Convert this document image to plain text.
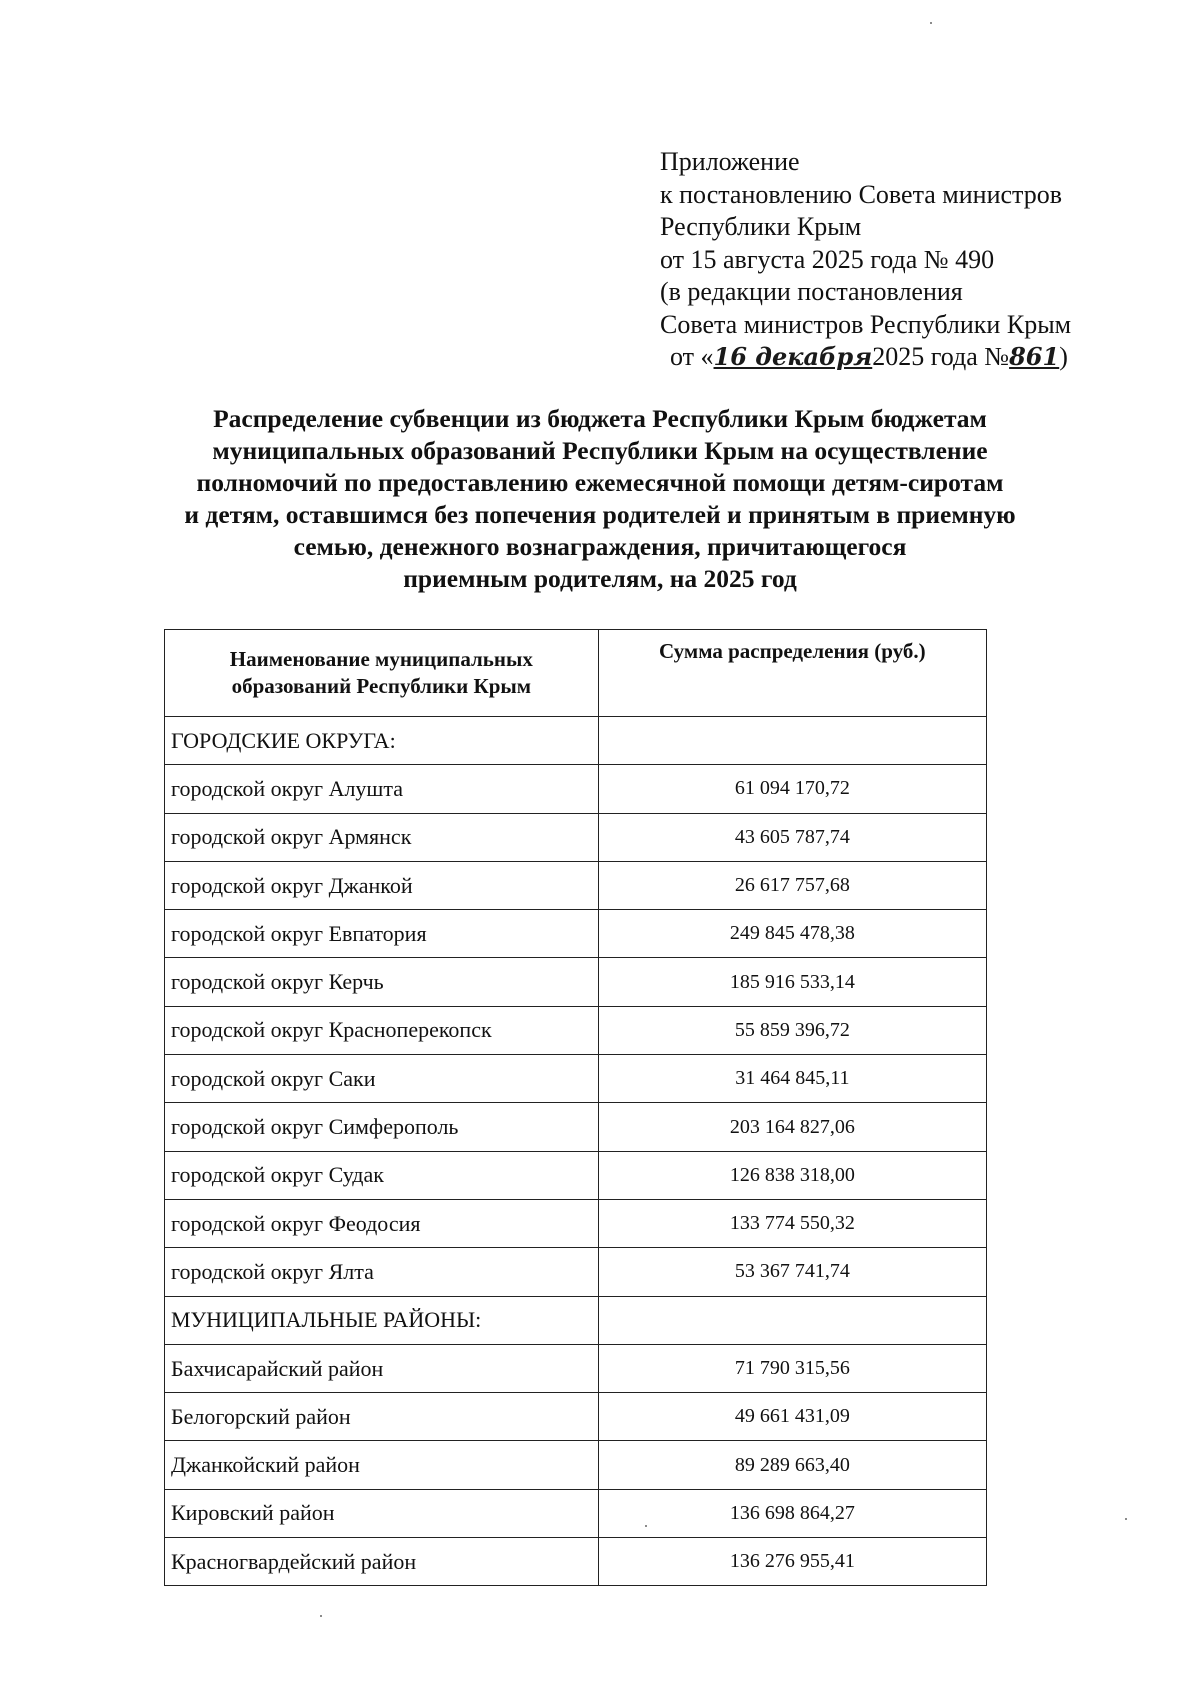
Приложение
к постановлению Совета министров
Республики Крым
от 15 августа 2025 года № 490
(в редакции постановления
Совета министров Республики Крым
от «16 декабря2025 года №861)
Распределение субвенции из бюджета Республики Крым бюджетам
муниципальных образований Республики Крым на осуществление
полномочий по предоставлению ежемесячной помощи детям-сиротам
и детям, оставшимся без попечения родителей и принятым в приемную
семью, денежного вознаграждения, причитающегося
приемным родителям, на 2025 год
Наименование муниципальных
образований Республики Крым	Сумма распределения (руб.)
ГОРОДСКИЕ ОКРУГА:	
городской округ Алушта	61 094 170,72
городской округ Армянск	43 605 787,74
городской округ Джанкой	26 617 757,68
городской округ Евпатория	249 845 478,38
городской округ Керчь	185 916 533,14
городской округ Красноперекопск	55 859 396,72
городской округ Саки	31 464 845,11
городской округ Симферополь	203 164 827,06
городской округ Судак	126 838 318,00
городской округ Феодосия	133 774 550,32
городской округ Ялта	53 367 741,74
МУНИЦИПАЛЬНЫЕ РАЙОНЫ:	
Бахчисарайский район	71 790 315,56
Белогорский район	49 661 431,09
Джанкойский район	89 289 663,40
Кировский район	136 698 864,27
Красногвардейский район	136 276 955,41
